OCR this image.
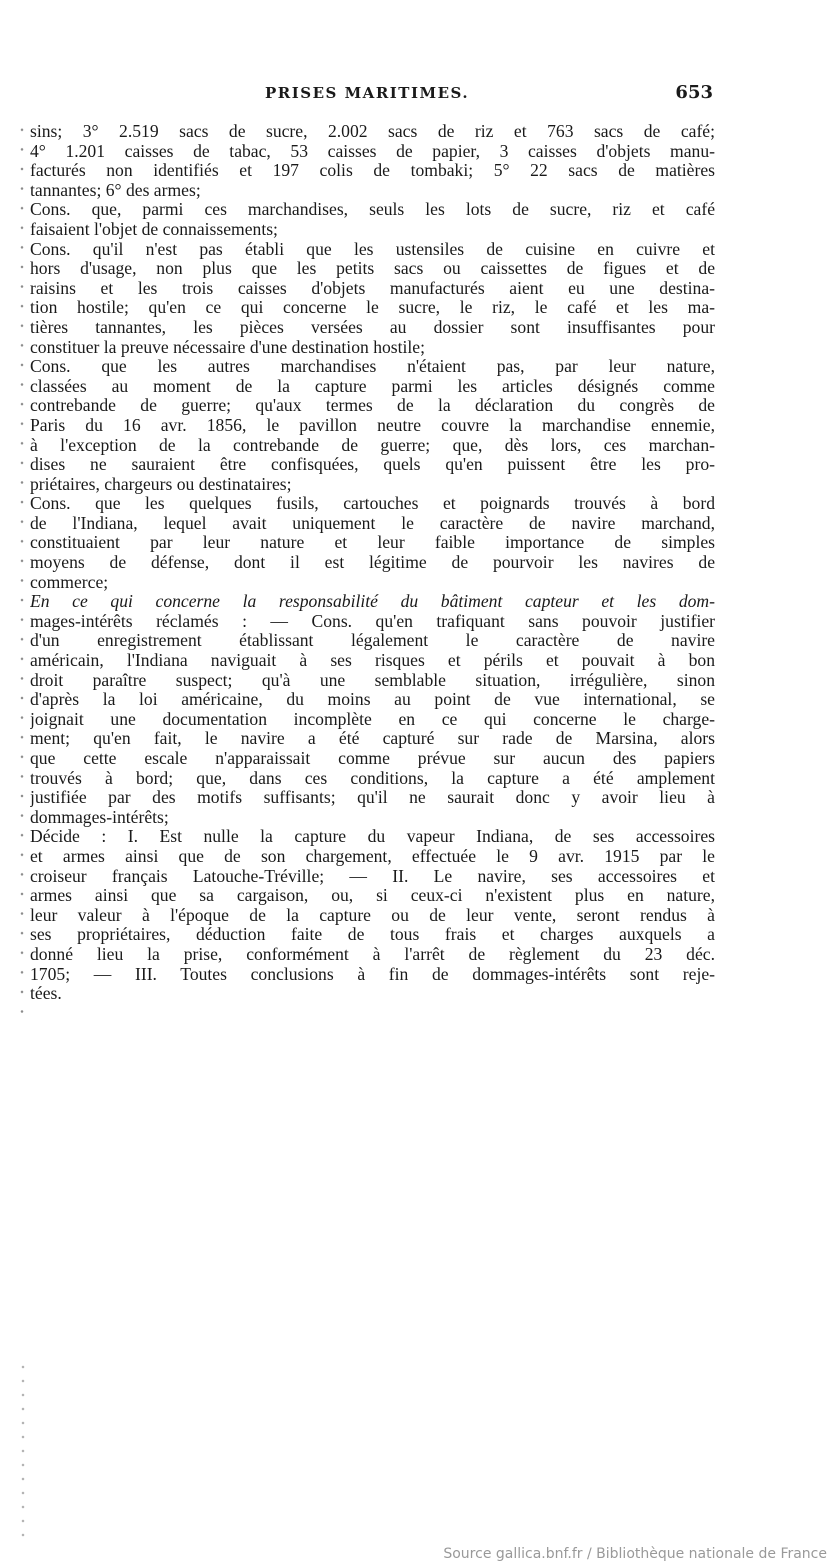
PRISES MARITIMES.	653
sins; 3° 2.519 sacs de sucre, 2.002 sacs de riz et 763 sacs de café;
4° 1.201 caisses de tabac, 53 caisses de papier, 3 caisses d'objets manu-
facturés non identifiés et 197 colis de tombaki; 5° 22 sacs de matières
tannantes; 6° des armes;
Cons. que, parmi ces marchandises, seuls les lots de sucre, riz et café
faisaient l'objet de connaissements;
Cons. qu'il n'est pas établi que les ustensiles de cuisine en cuivre et
hors d'usage, non plus que les petits sacs ou caissettes de figues et de
raisins et les trois caisses d'objets manufacturés aient eu une destina-
tion hostile; qu'en ce qui concerne le sucre, le riz, le café et les ma-
tières tannantes, les pièces versées au dossier sont insuffisantes pour
constituer la preuve nécessaire d'une destination hostile;
Cons. que les autres marchandises n'étaient pas, par leur nature,
classées au moment de la capture parmi les articles désignés comme
contrebande de guerre; qu'aux termes de la déclaration du congrès de
Paris du 16 avr. 1856, le pavillon neutre couvre la marchandise ennemie,
à l'exception de la contrebande de guerre; que, dès lors, ces marchan-
dises ne sauraient être confisquées, quels qu'en puissent être les pro-
priétaires, chargeurs ou destinataires;
Cons. que les quelques fusils, cartouches et poignards trouvés à bord
de l'Indiana, lequel avait uniquement le caractère de navire marchand,
constituaient par leur nature et leur faible importance de simples
moyens de défense, dont il est légitime de pourvoir les navires de
commerce;
En ce qui concerne la responsabilité du bâtiment capteur et les dom-
mages-intérêts réclamés : — Cons. qu'en trafiquant sans pouvoir justifier
d'un enregistrement établissant légalement le caractère de navire
américain, l'Indiana naviguait à ses risques et périls et pouvait à bon
droit paraître suspect; qu'à une semblable situation, irrégulière, sinon
d'après la loi américaine, du moins au point de vue international, se
joignait une documentation incomplète en ce qui concerne le charge-
ment; qu'en fait, le navire a été capturé sur rade de Marsina, alors
que cette escale n'apparaissait comme prévue sur aucun des papiers
trouvés à bord; que, dans ces conditions, la capture a été amplement
justifiée par des motifs suffisants; qu'il ne saurait donc y avoir lieu à
dommages-intérêts;
Décide : I. Est nulle la capture du vapeur Indiana, de ses accessoires
et armes ainsi que de son chargement, effectuée le 9 avr. 1915 par le
croiseur français Latouche-Tréville; — II. Le navire, ses accessoires et
armes ainsi que sa cargaison, ou, si ceux-ci n'existent plus en nature,
leur valeur à l'époque de la capture ou de leur vente, seront rendus à
ses propriétaires, déduction faite de tous frais et charges auxquels a
donné lieu la prise, conformément à l'arrêt de règlement du 23 déc.
1705; — III. Toutes conclusions à fin de dommages-intérêts sont reje-
tées.
Source gallica.bnf.fr / Bibliothèque nationale de France
